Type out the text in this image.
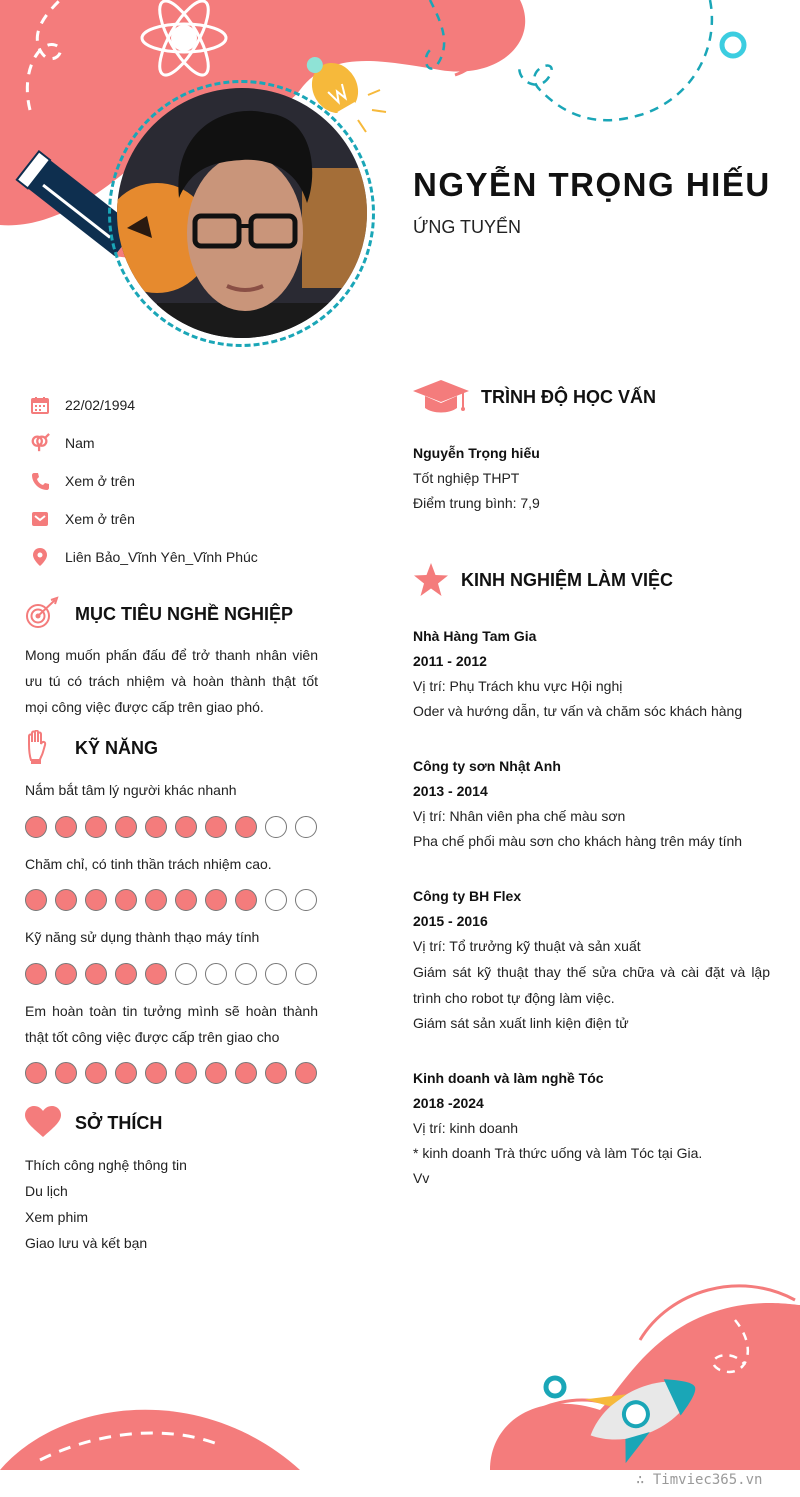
NGYỄN TRỌNG HIẾU
ỨNG TUYỂN
22/02/1994
Nam
Xem ở trên
Xem ở trên
Liên Bảo_Vĩnh Yên_Vĩnh Phúc
MỤC TIÊU NGHỀ NGHIỆP
Mong muốn phấn đấu để trở thanh nhân viên ưu tú có trách nhiệm và hoàn thành thật tốt mọi công việc được cấp trên giao phó.
KỸ NĂNG
Nắm bắt tâm lý người khác nhanh
Chăm chỉ, có tinh thần trách nhiệm cao.
Kỹ năng sử dụng thành thạo máy tính
Em hoàn toàn tin tưởng mình sẽ hoàn thành thật tốt công việc được cấp trên giao cho
SỞ THÍCH
Thích công nghệ thông tin
Du lịch
Xem phim
Giao lưu và kết bạn
TRÌNH ĐỘ HỌC VẤN
Nguyễn Trọng hiếu
Tốt nghiệp THPT
Điểm trung bình: 7,9
KINH NGHIỆM LÀM VIỆC
Nhà Hàng Tam Gia
2011 - 2012
Vị trí: Phụ Trách khu vực Hội nghị
Oder và hướng dẫn, tư vấn và chăm sóc khách hàng
Công ty sơn Nhật Anh
2013 - 2014
Vị trí: Nhân viên pha chế màu sơn
Pha chế phối màu sơn cho khách hàng trên máy tính
Công ty BH Flex
2015 - 2016
Vị trí: Tổ trưởng kỹ thuật và sản xuất
Giám sát kỹ thuật thay thế sửa chữa và cài đặt và lập trình cho robot tự động làm việc.
Giám sát sản xuất linh kiện điện tử
Kinh doanh và làm nghề Tóc
2018 -2024
Vị trí: kinh doanh
* kinh doanh Trà thức uống và làm Tóc tại Gia.
Vv
∴ Timviec365.vn
